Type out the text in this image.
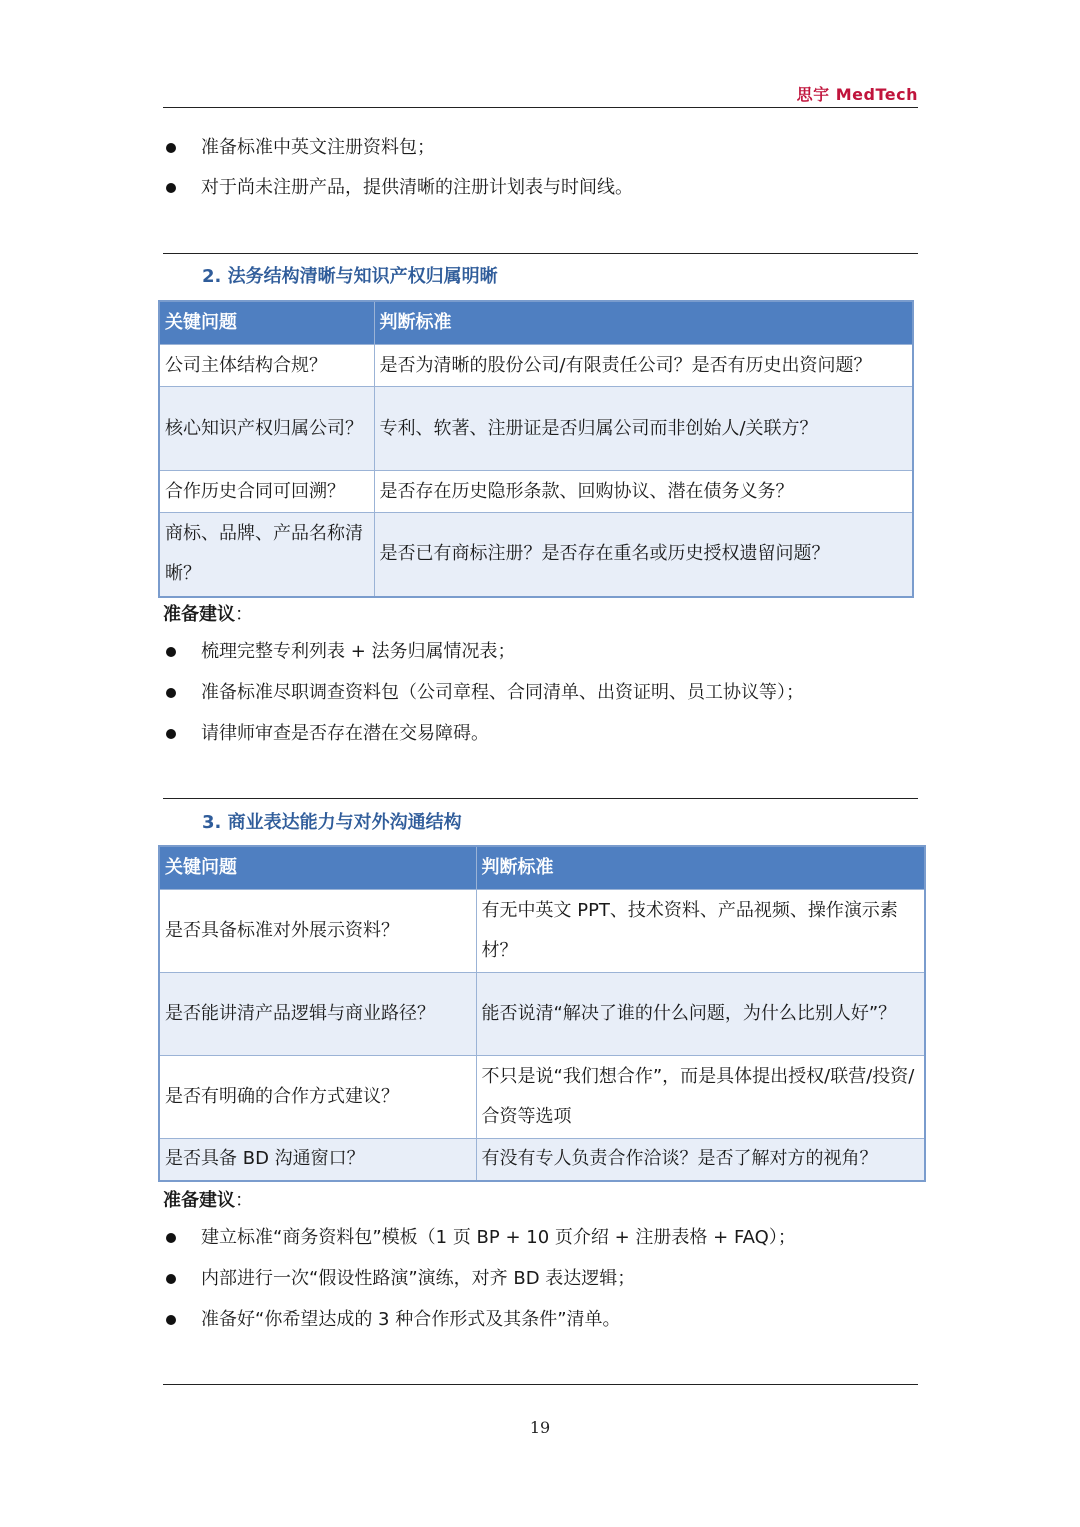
思宇 MedTech
准备标准中英文注册资料包；
对于尚未注册产品，提供清晰的注册计划表与时间线。
2. 法务结构清晰与知识产权归属明晰
关键问题	判断标准
公司主体结构合规？	是否为清晰的股份公司/有限责任公司？是否有历史出资问题？
核心知识产权归属公司？	专利、软著、注册证是否归属公司而非创始人/关联方？
合作历史合同可回溯？	是否存在历史隐形条款、回购协议、潜在债务义务？
商标、品牌、产品名称清晰？	是否已有商标注册？是否存在重名或历史授权遗留问题？
准备建议：
梳理完整专利列表 + 法务归属情况表；
准备标准尽职调查资料包（公司章程、合同清单、出资证明、员工协议等）；
请律师审查是否存在潜在交易障碍。
3. 商业表达能力与对外沟通结构
关键问题	判断标准
是否具备标准对外展示资料？	有无中英文 PPT、技术资料、产品视频、操作演示素材？
是否能讲清产品逻辑与商业路径？	能否说清“解决了谁的什么问题，为什么比别人好”？
是否有明确的合作方式建议？	不只是说“我们想合作”，而是具体提出授权/联营/投资/合资等选项
是否具备 BD 沟通窗口？	有没有专人负责合作洽谈？是否了解对方的视角？
准备建议：
建立标准“商务资料包”模板（1 页 BP + 10 页介绍 + 注册表格 + FAQ）；
内部进行一次“假设性路演”演练，对齐 BD 表达逻辑；
准备好“你希望达成的 3 种合作形式及其条件”清单。
19
